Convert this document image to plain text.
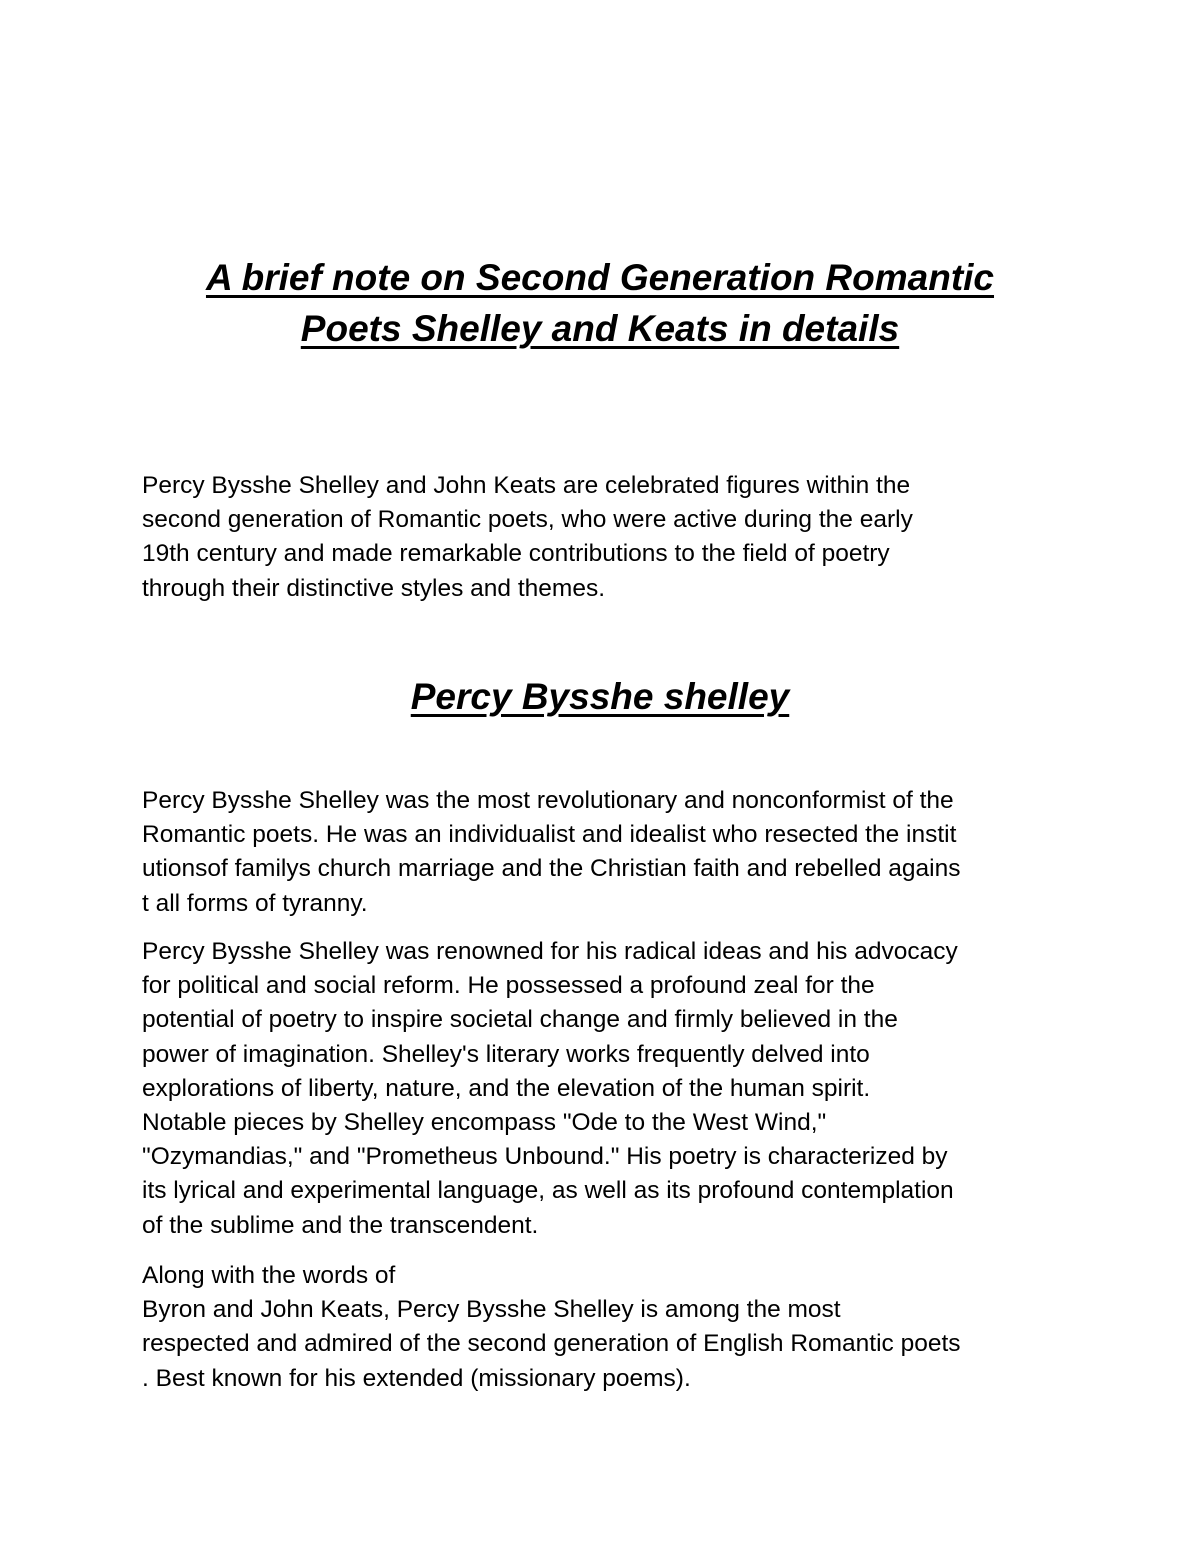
A brief note on Second Generation Romantic
Poets Shelley and Keats in details
Percy Bysshe Shelley and John Keats are celebrated figures within the
second generation of Romantic poets, who were active during the early
19th century and made remarkable contributions to the field of poetry
through their distinctive styles and themes.
Percy Bysshe shelley
Percy Bysshe Shelley was the most revolutionary and nonconformist of the
Romantic poets. He was an individualist and idealist who resected the instit
utionsof familys church marriage and the Christian faith and rebelled agains
t all forms of tyranny.
Percy Bysshe Shelley was renowned for his radical ideas and his advocacy
for political and social reform. He possessed a profound zeal for the
potential of poetry to inspire societal change and firmly believed in the
power of imagination. Shelley's literary works frequently delved into
explorations of liberty, nature, and the elevation of the human spirit.
Notable pieces by Shelley encompass "Ode to the West Wind,"
"Ozymandias," and "Prometheus Unbound." His poetry is characterized by
its lyrical and experimental language, as well as its profound contemplation
of the sublime and the transcendent.
Along with the words of
Byron and John Keats, Percy Bysshe Shelley is among the most
respected and admired of the second generation of English Romantic poets
. Best known for his extended (missionary poems).
